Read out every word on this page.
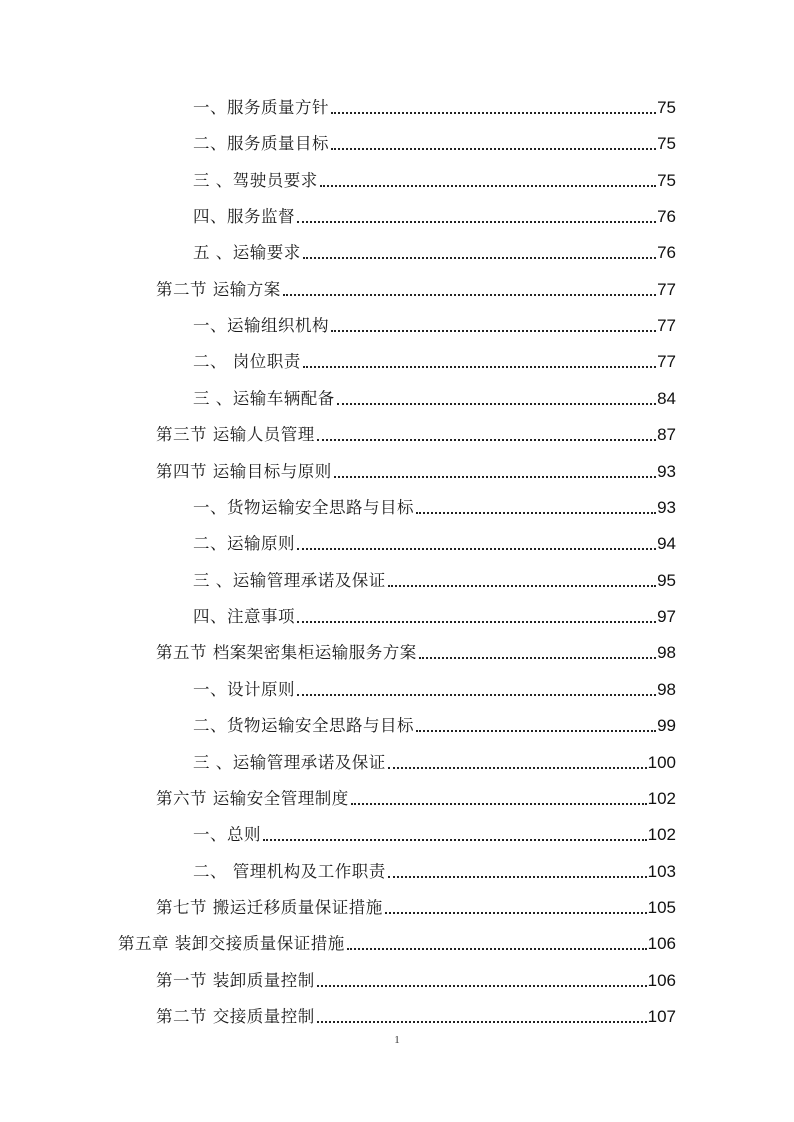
一、服务质量方针	75
二、服务质量目标	75
三 、驾驶员要求	75
四、服务监督	76
五 、运输要求	76
第二节 运输方案	77
一、运输组织机构	77
二、 岗位职责	77
三 、运输车辆配备	84
第三节 运输人员管理	87
第四节 运输目标与原则	93
一、货物运输安全思路与目标	93
二、运输原则	94
三 、运输管理承诺及保证	95
四、注意事项	97
第五节 档案架密集柜运输服务方案	98
一、设计原则	98
二、货物运输安全思路与目标	99
三 、运输管理承诺及保证	100
第六节 运输安全管理制度	102
一、总则	102
二、 管理机构及工作职责	103
第七节 搬运迁移质量保证措施	105
第五章 装卸交接质量保证措施	106
第一节 装卸质量控制	106
第二节 交接质量控制	107
1
